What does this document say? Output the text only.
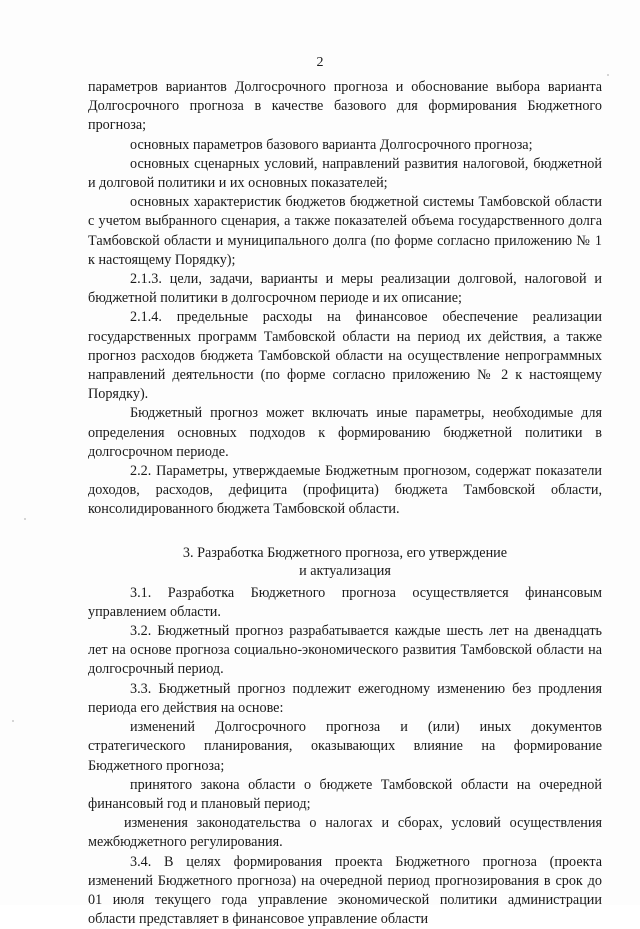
2

параметров вариантов Долгосрочного прогноза и обоснование выбора варианта Долгосрочного прогноза в качестве базового для формирования Бюджетного прогноза;

основных параметров базового варианта Долгосрочного прогноза;

основных сценарных условий, направлений развития налоговой, бюджетной и долговой политики и их основных показателей;

основных характеристик бюджетов бюджетной системы Тамбовской области с учетом выбранного сценария, а также показателей объема государственного долга Тамбовской области и муниципального долга (по форме согласно приложению № 1 к настоящему Порядку);

2.1.3. цели, задачи, варианты и меры реализации долговой, налоговой и бюджетной политики в долгосрочном периоде и их описание;

2.1.4. предельные расходы на финансовое обеспечение реализации государственных программ Тамбовской области на период их действия, а также прогноз расходов бюджета Тамбовской области на осуществление непрограммных направлений деятельности (по форме согласно приложению № 2 к настоящему Порядку).

Бюджетный прогноз может включать иные параметры, необходимые для определения основных подходов к формированию бюджетной политики в долгосрочном периоде.

2.2. Параметры, утверждаемые Бюджетным прогнозом, содержат показатели доходов, расходов, дефицита (профицита) бюджета Тамбовской области, консолидированного бюджета Тамбовской области.

3. Разработка Бюджетного прогноза, его утверждение
и актуализация

3.1. Разработка Бюджетного прогноза осуществляется финансовым управлением области.

3.2. Бюджетный прогноз разрабатывается каждые шесть лет на двенадцать лет на основе прогноза социально-экономического развития Тамбовской области на долгосрочный период.

3.3. Бюджетный прогноз подлежит ежегодному изменению без продления периода его действия на основе:

изменений Долгосрочного прогноза и (или) иных документов стратегического планирования, оказывающих влияние на формирование Бюджетного прогноза;

принятого закона области о бюджете Тамбовской области на очередной финансовый год и плановый период;

изменения законодательства о налогах и сборах, условий осуществления межбюджетного регулирования.

3.4. В целях формирования проекта Бюджетного прогноза (проекта изменений Бюджетного прогноза) на очередной период прогнозирования в срок до 01 июля текущего года управление экономической политики администрации области представляет в финансовое управление области
